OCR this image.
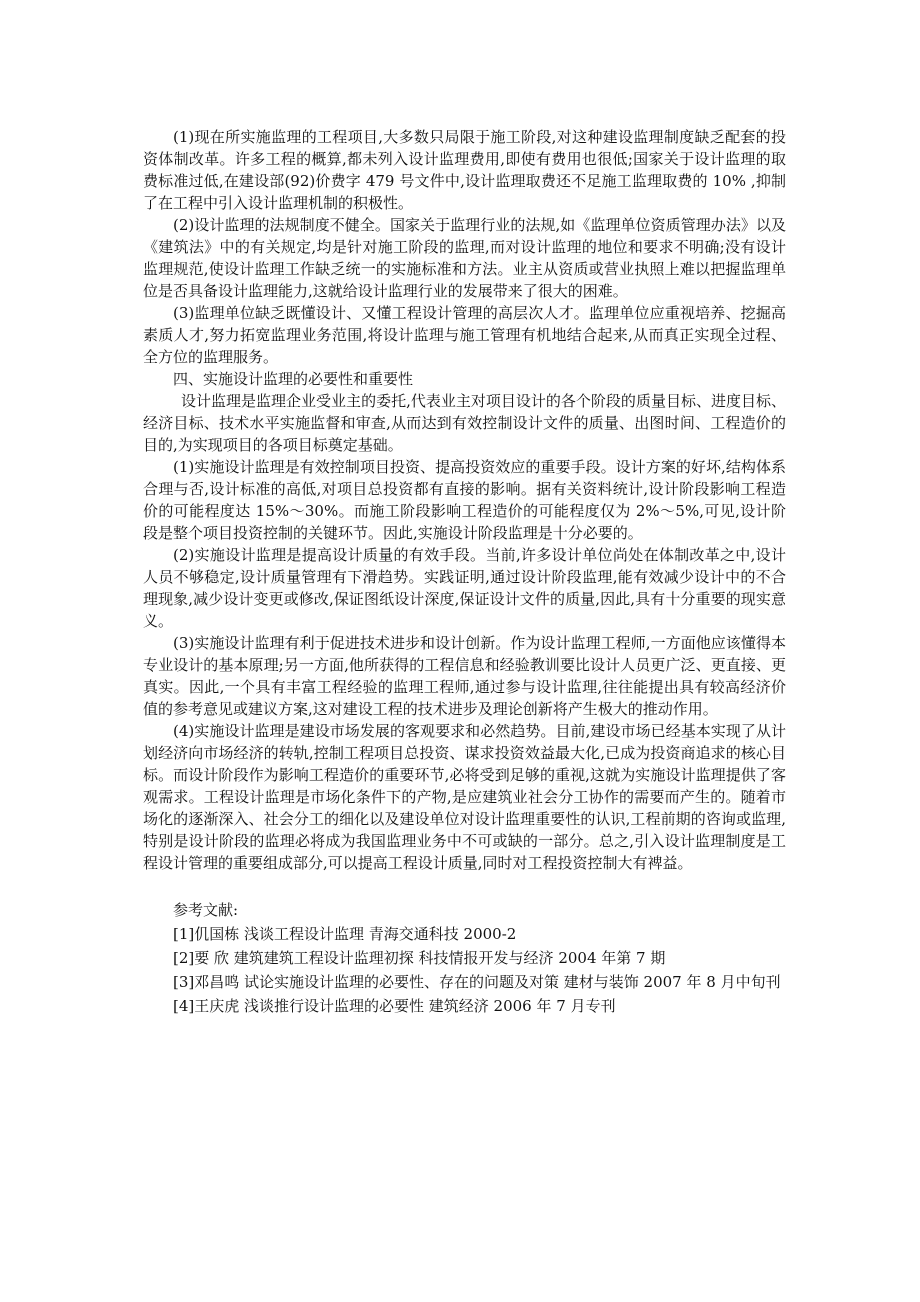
(1)现在所实施监理的工程项目,大多数只局限于施工阶段,对这种建设监理制度缺乏配套的投资体制改革。许多工程的概算,都未列入设计监理费用,即使有费用也很低;国家关于设计监理的取费标准过低,在建设部(92)价费字 479 号文件中,设计监理取费还不足施工监理取费的 10% ,抑制了在工程中引入设计监理机制的积极性。

(2)设计监理的法规制度不健全。国家关于监理行业的法规,如《监理单位资质管理办法》以及《建筑法》中的有关规定,均是针对施工阶段的监理,而对设计监理的地位和要求不明确;没有设计监理规范,使设计监理工作缺乏统一的实施标准和方法。业主从资质或营业执照上难以把握监理单位是否具备设计监理能力,这就给设计监理行业的发展带来了很大的困难。

(3)监理单位缺乏既懂设计、又懂工程设计管理的高层次人才。监理单位应重视培养、挖掘高素质人才,努力拓宽监理业务范围,将设计监理与施工管理有机地结合起来,从而真正实现全过程、全方位的监理服务。

四、实施设计监理的必要性和重要性

设计监理是监理企业受业主的委托,代表业主对项目设计的各个阶段的质量目标、进度目标、经济目标、技术水平实施监督和审查,从而达到有效控制设计文件的质量、出图时间、工程造价的目的,为实现项目的各项目标奠定基础。

(1)实施设计监理是有效控制项目投资、提高投资效应的重要手段。设计方案的好坏,结构体系合理与否,设计标准的高低,对项目总投资都有直接的影响。据有关资料统计,设计阶段影响工程造价的可能程度达 15%～30%。而施工阶段影响工程造价的可能程度仅为 2%～5%,可见,设计阶段是整个项目投资控制的关键环节。因此,实施设计阶段监理是十分必要的。

(2)实施设计监理是提高设计质量的有效手段。当前,许多设计单位尚处在体制改革之中,设计人员不够稳定,设计质量管理有下滑趋势。实践证明,通过设计阶段监理,能有效减少设计中的不合理现象,减少设计变更或修改,保证图纸设计深度,保证设计文件的质量,因此,具有十分重要的现实意义。

(3)实施设计监理有利于促进技术进步和设计创新。作为设计监理工程师,一方面他应该懂得本专业设计的基本原理;另一方面,他所获得的工程信息和经验教训要比设计人员更广泛、更直接、更真实。因此,一个具有丰富工程经验的监理工程师,通过参与设计监理,往往能提出具有较高经济价值的参考意见或建议方案,这对建设工程的技术进步及理论创新将产生极大的推动作用。

(4)实施设计监理是建设市场发展的客观要求和必然趋势。目前,建设市场已经基本实现了从计划经济向市场经济的转轨,控制工程项目总投资、谋求投资效益最大化,已成为投资商追求的核心目标。而设计阶段作为影响工程造价的重要环节,必将受到足够的重视,这就为实施设计监理提供了客观需求。工程设计监理是市场化条件下的产物,是应建筑业社会分工协作的需要而产生的。随着市场化的逐渐深入、社会分工的细化以及建设单位对设计监理重要性的认识,工程前期的咨询或监理,特别是设计阶段的监理必将成为我国监理业务中不可或缺的一部分。总之,引入设计监理制度是工程设计管理的重要组成部分,可以提高工程设计质量,同时对工程投资控制大有裨益。

参考文献:

[1]仉国栋 浅谈工程设计监理 青海交通科技 2000-2

[2]要 欣 建筑建筑工程设计监理初探 科技情报开发与经济 2004 年第 7 期

[3]邓昌鸣 试论实施设计监理的必要性、存在的问题及对策 建材与装饰 2007 年 8 月中旬刊

[4]王庆虎 浅谈推行设计监理的必要性 建筑经济 2006 年 7 月专刊
